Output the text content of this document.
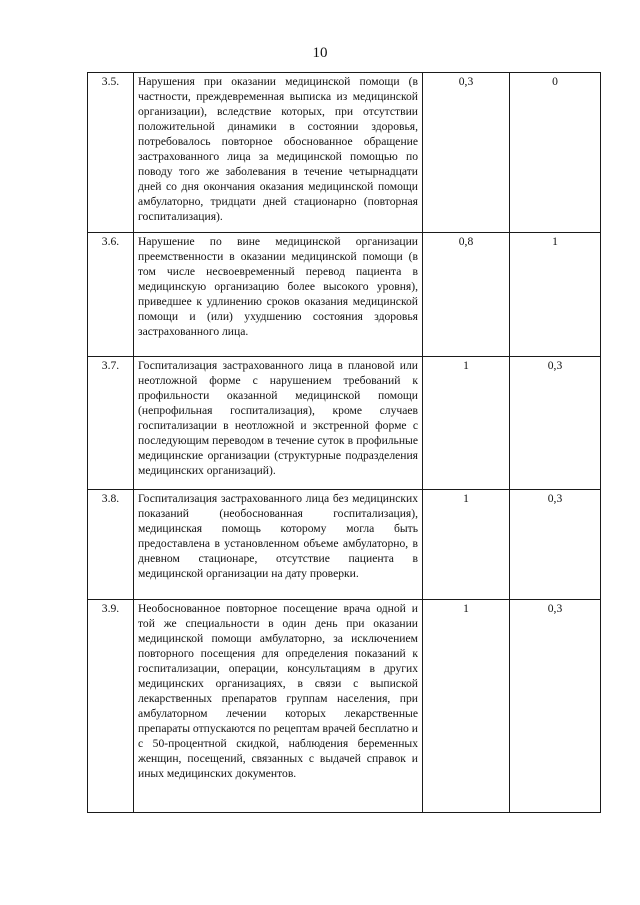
10
3.5.	Нарушения при оказании медицинской помощи (в частности, преждевременная выписка из медицинской организации), вследствие которых, при отсутствии положительной динамики в состоянии здоровья, потребовалось повторное обоснованное обращение застрахованного лица за медицинской помощью по поводу того же заболевания в течение четырнадцати дней со дня окончания оказания медицинской помощи амбулаторно, тридцати дней стационарно (повторная госпитализация).	0,3	0
3.6.	Нарушение по вине медицинской организации преемственности в оказании медицинской помощи (в том числе несвоевременный перевод пациента в медицинскую организацию более высокого уровня), приведшее к удлинению сроков оказания медицинской помощи и (или) ухудшению состояния здоровья застрахованного лица.	0,8	1
3.7.	Госпитализация застрахованного лица в плановой или неотложной форме с нарушением требований к профильности оказанной медицинской помощи (непрофильная госпитализация), кроме случаев госпитализации в неотложной и экстренной форме с последующим переводом в течение суток в профильные медицинские организации (структурные подразделения медицинских организаций).	1	0,3
3.8.	Госпитализация застрахованного лица без медицинских показаний (необоснованная госпитализация), медицинская помощь которому могла быть предоставлена в установленном объеме амбулаторно, в дневном стационаре, отсутствие пациента в медицинской организации на дату проверки.	1	0,3
3.9.	Необоснованное повторное посещение врача одной и той же специальности в один день при оказании медицинской помощи амбулаторно, за исключением повторного посещения для определения показаний к госпитализации, операции, консультациям в других медицинских организациях, в связи с выпиской лекарственных препаратов группам населения, при амбулаторном лечении которых лекарственные препараты отпускаются по рецептам врачей бесплатно и с 50-процентной скидкой, наблюдения беременных женщин, посещений, связанных с выдачей справок и иных медицинских документов.	1	0,3
